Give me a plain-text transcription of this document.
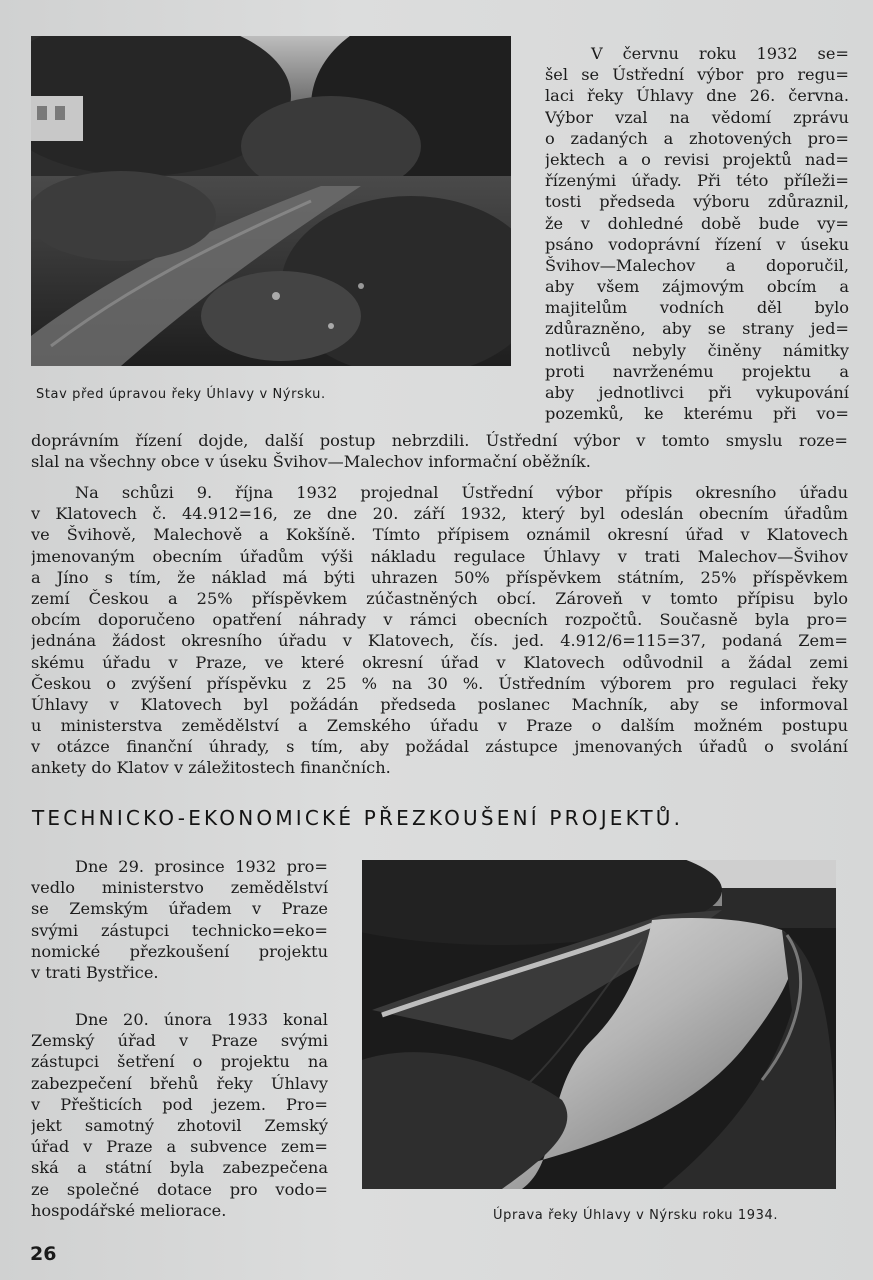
Stav před úpravou řeky Úhlavy v Nýrsku.
V červnu roku 1932 se=
šel se Ústřední výbor pro regu=
laci řeky Úhlavy dne 26. června.
Výbor vzal na vědomí zprávu
o zadaných a zhotovených pro=
jektech a o revisi projektů nad=
řízenými úřady. Při této příleži=
tosti předseda výboru zdůraznil,
že v dohledné době bude vy=
psáno vodoprávní řízení v úseku
Švihov—Malechov a doporučil,
aby všem zájmovým obcím a
majitelům vodních děl bylo
zdůrazněno, aby se strany jed=
notlivců nebyly činěny námitky
proti navrženému projektu a
aby jednotlivci při vykupování
pozemků, ke kterému při vo=
doprávním řízení dojde, další postup nebrzdili. Ústřední výbor v tomto smyslu roze=
slal na všechny obce v úseku Švihov—Malechov informační oběžník.
Na schůzi 9. října 1932 projednal Ústřední výbor přípis okresního úřadu
v Klatovech č. 44.912=16, ze dne 20. září 1932, který byl odeslán obecním úřadům
ve Švihově, Malechově a Kokšíně. Tímto přípisem oznámil okresní úřad v Klatovech
jmenovaným obecním úřadům výši nákladu regulace Úhlavy v trati Malechov—Švihov
a Jíno s tím, že náklad má býti uhrazen 50% příspěvkem státním, 25% příspěvkem
zemí Českou a 25% příspěvkem zúčastněných obcí. Zároveň v tomto přípisu bylo
obcím doporučeno opatření náhrady v rámci obecních rozpočtů. Současně byla pro=
jednána žádost okresního úřadu v Klatovech, čís. jed. 4.912/6=115=37, podaná Zem=
skému úřadu v Praze, ve které okresní úřad v Klatovech odůvodnil a žádal zemi
Českou o zvýšení příspěvku z 25 % na 30 %. Ústředním výborem pro regulaci řeky
Úhlavy v Klatovech byl požádán předseda poslanec Machník, aby se informoval
u ministerstva zemědělství a Zemského úřadu v Praze o dalším možném postupu
v otázce finanční úhrady, s tím, aby požádal zástupce jmenovaných úřadů o svolání
ankety do Klatov v záležitostech finančních.
TECHNICKO-EKONOMICKÉ PŘEZKOUŠENÍ PROJEKTŮ.
Dne 29. prosince 1932 pro=
vedlo ministerstvo zemědělství
se Zemským úřadem v Praze
svými zástupci technicko=eko=
nomické přezkoušení projektu
v trati Bystřice.
Dne 20. února 1933 konal
Zemský úřad v Praze svými
zástupci šetření o projektu na
zabezpečení břehů řeky Úhlavy
v Přešticích pod jezem. Pro=
jekt samotný zhotovil Zemský
úřad v Praze a subvence zem=
ská a státní byla zabezpečena
ze společné dotace pro vodo=
hospodářské meliorace.	Úprava řeky Úhlavy v Nýrsku roku 1934.
26
